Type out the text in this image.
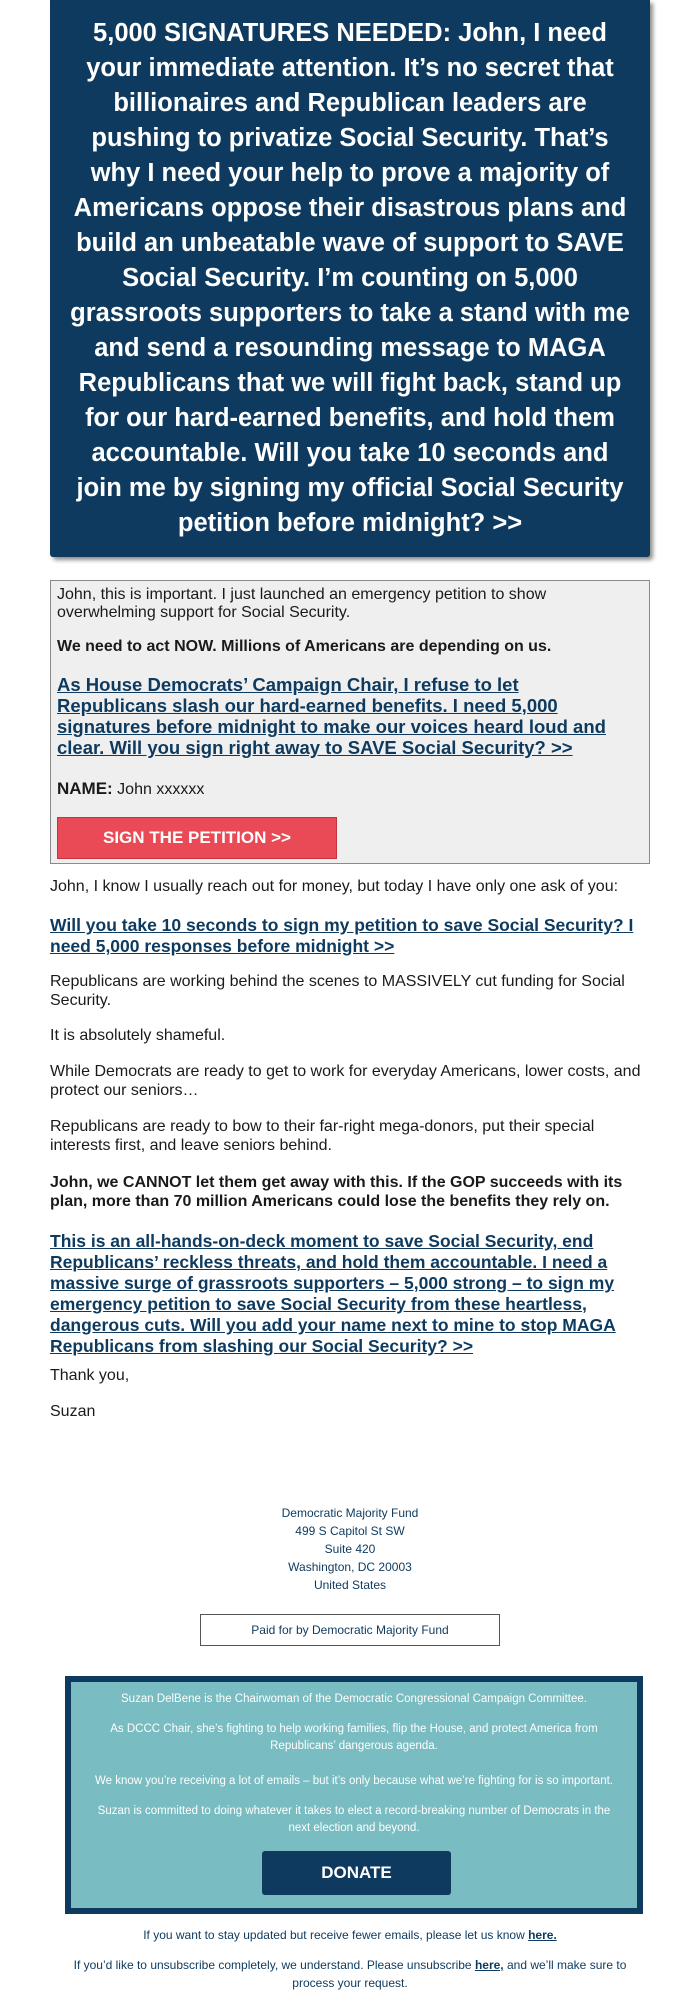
5,000 SIGNATURES NEEDED: John, I need your immediate attention. It’s no secret that billionaires and Republican leaders are pushing to privatize Social Security. That’s why I need your help to prove a majority of Americans oppose their disastrous plans and build an unbeatable wave of support to SAVE Social Security. I’m counting on 5,000 grassroots supporters to take a stand with me and send a resounding message to MAGA Republicans that we will fight back, stand up for our hard-earned benefits, and hold them accountable. Will you take 10 seconds and join me by signing my official Social Security petition before midnight? >>

John, this is important. I just launched an emergency petition to show overwhelming support for Social Security.

We need to act NOW. Millions of Americans are depending on us.

As House Democrats’ Campaign Chair, I refuse to let Republicans slash our hard-earned benefits. I need 5,000 signatures before midnight to make our voices heard loud and clear. Will you sign right away to SAVE Social Security? >>

NAME: John xxxxxx

SIGN THE PETITION >>

John, I know I usually reach out for money, but today I have only one ask of you:

Will you take 10 seconds to sign my petition to save Social Security? I need 5,000 responses before midnight >>

Republicans are working behind the scenes to MASSIVELY cut funding for Social Security.

It is absolutely shameful.

While Democrats are ready to get to work for everyday Americans, lower costs, and protect our seniors…

Republicans are ready to bow to their far-right mega-donors, put their special interests first, and leave seniors behind.

John, we CANNOT let them get away with this. If the GOP succeeds with its plan, more than 70 million Americans could lose the benefits they rely on.

This is an all-hands-on-deck moment to save Social Security, end Republicans’ reckless threats, and hold them accountable. I need a massive surge of grassroots supporters – 5,000 strong – to sign my emergency petition to save Social Security from these heartless, dangerous cuts. Will you add your name next to mine to stop MAGA Republicans from slashing our Social Security? >>

Thank you,

Suzan

Democratic Majority Fund
499 S Capitol St SW
Suite 420
Washington, DC 20003
United States
Paid for by Democratic Majority Fund

Suzan DelBene is the Chairwoman of the Democratic Congressional Campaign Committee.

As DCCC Chair, she’s fighting to help working families, flip the House, and protect America from Republicans’ dangerous agenda.

We know you’re receiving a lot of emails – but it’s only because what we’re fighting for is so important.

Suzan is committed to doing whatever it takes to elect a record-breaking number of Democrats in the next election and beyond.

DONATE

If you want to stay updated but receive fewer emails, please let us know here.

If you’d like to unsubscribe completely, we understand. Please unsubscribe here, and we’ll make sure to process your request.
